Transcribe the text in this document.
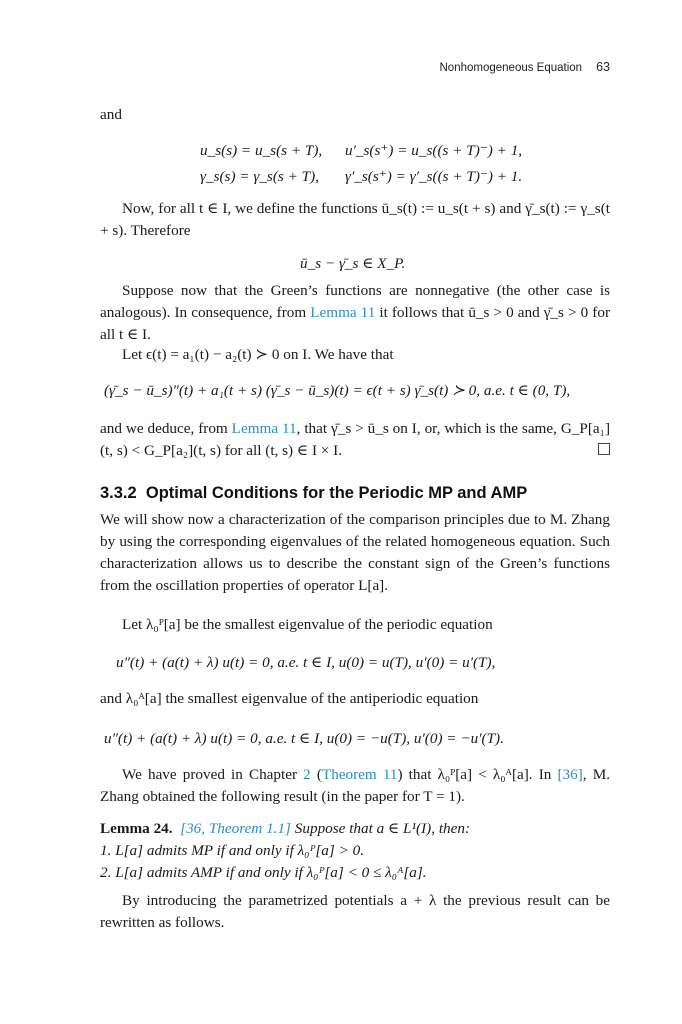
Nonhomogeneous Equation 63
and
u_s(s) = u_s(s + T), u′_s(s⁺) = u_s((s + T)⁻) + 1,
γ_s(s) = γ_s(s + T), γ′_s(s⁺) = γ′_s((s + T)⁻) + 1.
Now, for all t ∈ I, we define the functions ū_s(t) := u_s(t + s) and γ̄_s(t) := γ_s(t + s). Therefore
ū_s − γ̄_s ∈ X_P.
Suppose now that the Green’s functions are nonnegative (the other case is analogous). In consequence, from Lemma 11 it follows that ū_s > 0 and γ̄_s > 0 for all t ∈ I.
Let ϵ(t) = a₁(t) − a₂(t) ≻ 0 on I. We have that
(γ̄_s − ū_s)″(t) + a₁(t + s) (γ̄_s − ū_s)(t) = ϵ(t + s) γ̄_s(t) ≻ 0, a.e. t ∈ (0, T),
and we deduce, from Lemma 11, that γ̄_s > ū_s on I, or, which is the same, G_P[a₁](t, s) < G_P[a₂](t, s) for all (t, s) ∈ I × I.
3.3.2 Optimal Conditions for the Periodic MP and AMP
We will show now a characterization of the comparison principles due to M. Zhang by using the corresponding eigenvalues of the related homogeneous equation. Such characterization allows us to describe the constant sign of the Green’s functions from the oscillation properties of operator L[a].
Let λ₀ᴾ[a] be the smallest eigenvalue of the periodic equation
u″(t) + (a(t) + λ) u(t) = 0, a.e. t ∈ I, u(0) = u(T), u′(0) = u′(T),
and λ₀ᴬ[a] the smallest eigenvalue of the antiperiodic equation
u″(t) + (a(t) + λ) u(t) = 0, a.e. t ∈ I, u(0) = −u(T), u′(0) = −u′(T).
We have proved in Chapter 2 (Theorem 11) that λ₀ᴾ[a] < λ₀ᴬ[a]. In [36], M. Zhang obtained the following result (in the paper for T = 1).
Lemma 24. [36, Theorem 1.1] Suppose that a ∈ L¹(I), then:
1. L[a] admits MP if and only if λ₀ᴾ[a] > 0.
2. L[a] admits AMP if and only if λ₀ᴾ[a] < 0 ≤ λ₀ᴬ[a].
By introducing the parametrized potentials a + λ the previous result can be rewritten as follows.
